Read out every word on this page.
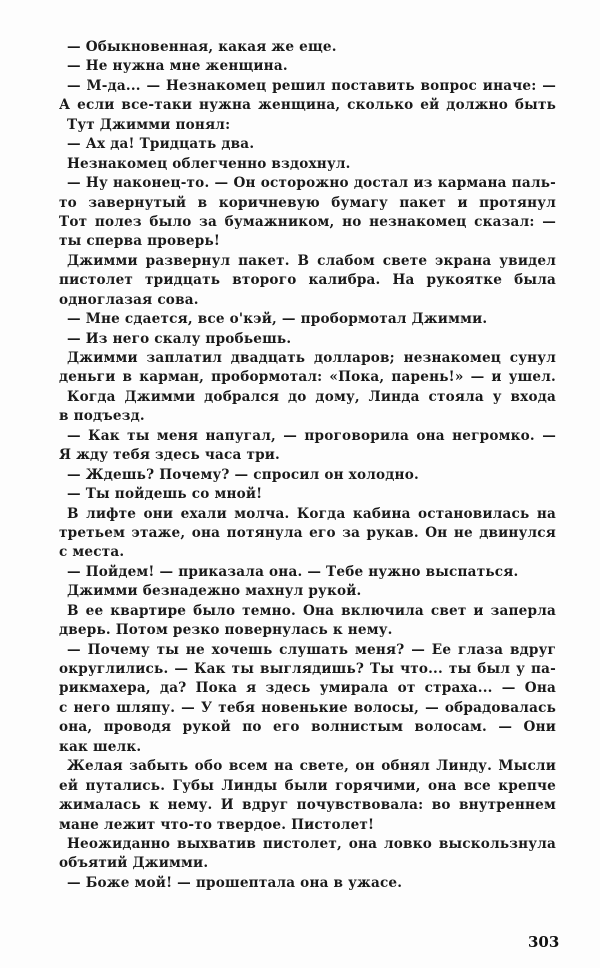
— Обыкновенная, какая же еще.
— Не нужна мне женщина.
— М-да... — Незнакомец решил поставить вопрос иначе: —
А если все-таки нужна женщина, сколько ей должно быть
Тут Джимми понял:
— Ах да! Тридцать два.
Незнакомец облегченно вздохнул.
— Ну наконец-то. — Он осторожно достал из кармана паль-
то завернутый в коричневую бумагу пакет и протянул
Тот полез было за бумажником, но незнакомец сказал: —
ты сперва проверь!
Джимми развернул пакет. В слабом свете экрана увидел
пистолет тридцать второго калибра. На рукоятке была
одноглазая сова.
— Мне сдается, все о'кэй, — пробормотал Джимми.
— Из него скалу пробьешь.
Джимми заплатил двадцать долларов; незнакомец сунул
деньги в карман, пробормотал: «Пока, парень!» — и ушел.
Когда Джимми добрался до дому, Линда стояла у входа
в подъезд.
— Как ты меня напугал, — проговорила она негромко. —
Я жду тебя здесь часа три.
— Ждешь? Почему? — спросил он холодно.
— Ты пойдешь со мной!
В лифте они ехали молча. Когда кабина остановилась на
третьем этаже, она потянула его за рукав. Он не двинулся
с места.
— Пойдем! — приказала она. — Тебе нужно выспаться.
Джимми безнадежно махнул рукой.
В ее квартире было темно. Она включила свет и заперла
дверь. Потом резко повернулась к нему.
— Почему ты не хочешь слушать меня? — Ее глаза вдруг
округлились. — Как ты выглядишь? Ты что... ты был у па-
рикмахера, да? Пока я здесь умирала от страха... — Она
с него шляпу. — У тебя новенькие волосы, — обрадовалась
она, проводя рукой по его волнистым волосам. — Они
как шелк.
Желая забыть обо всем на свете, он обнял Линду. Мысли
ей путались. Губы Линды были горячими, она все крепче
жималась к нему. И вдруг почувствовала: во внутреннем
мане лежит что-то твердое. Пистолет!
Неожиданно выхватив пистолет, она ловко выскользнула
объятий Джимми.
— Боже мой! — прошептала она в ужасе.
303
